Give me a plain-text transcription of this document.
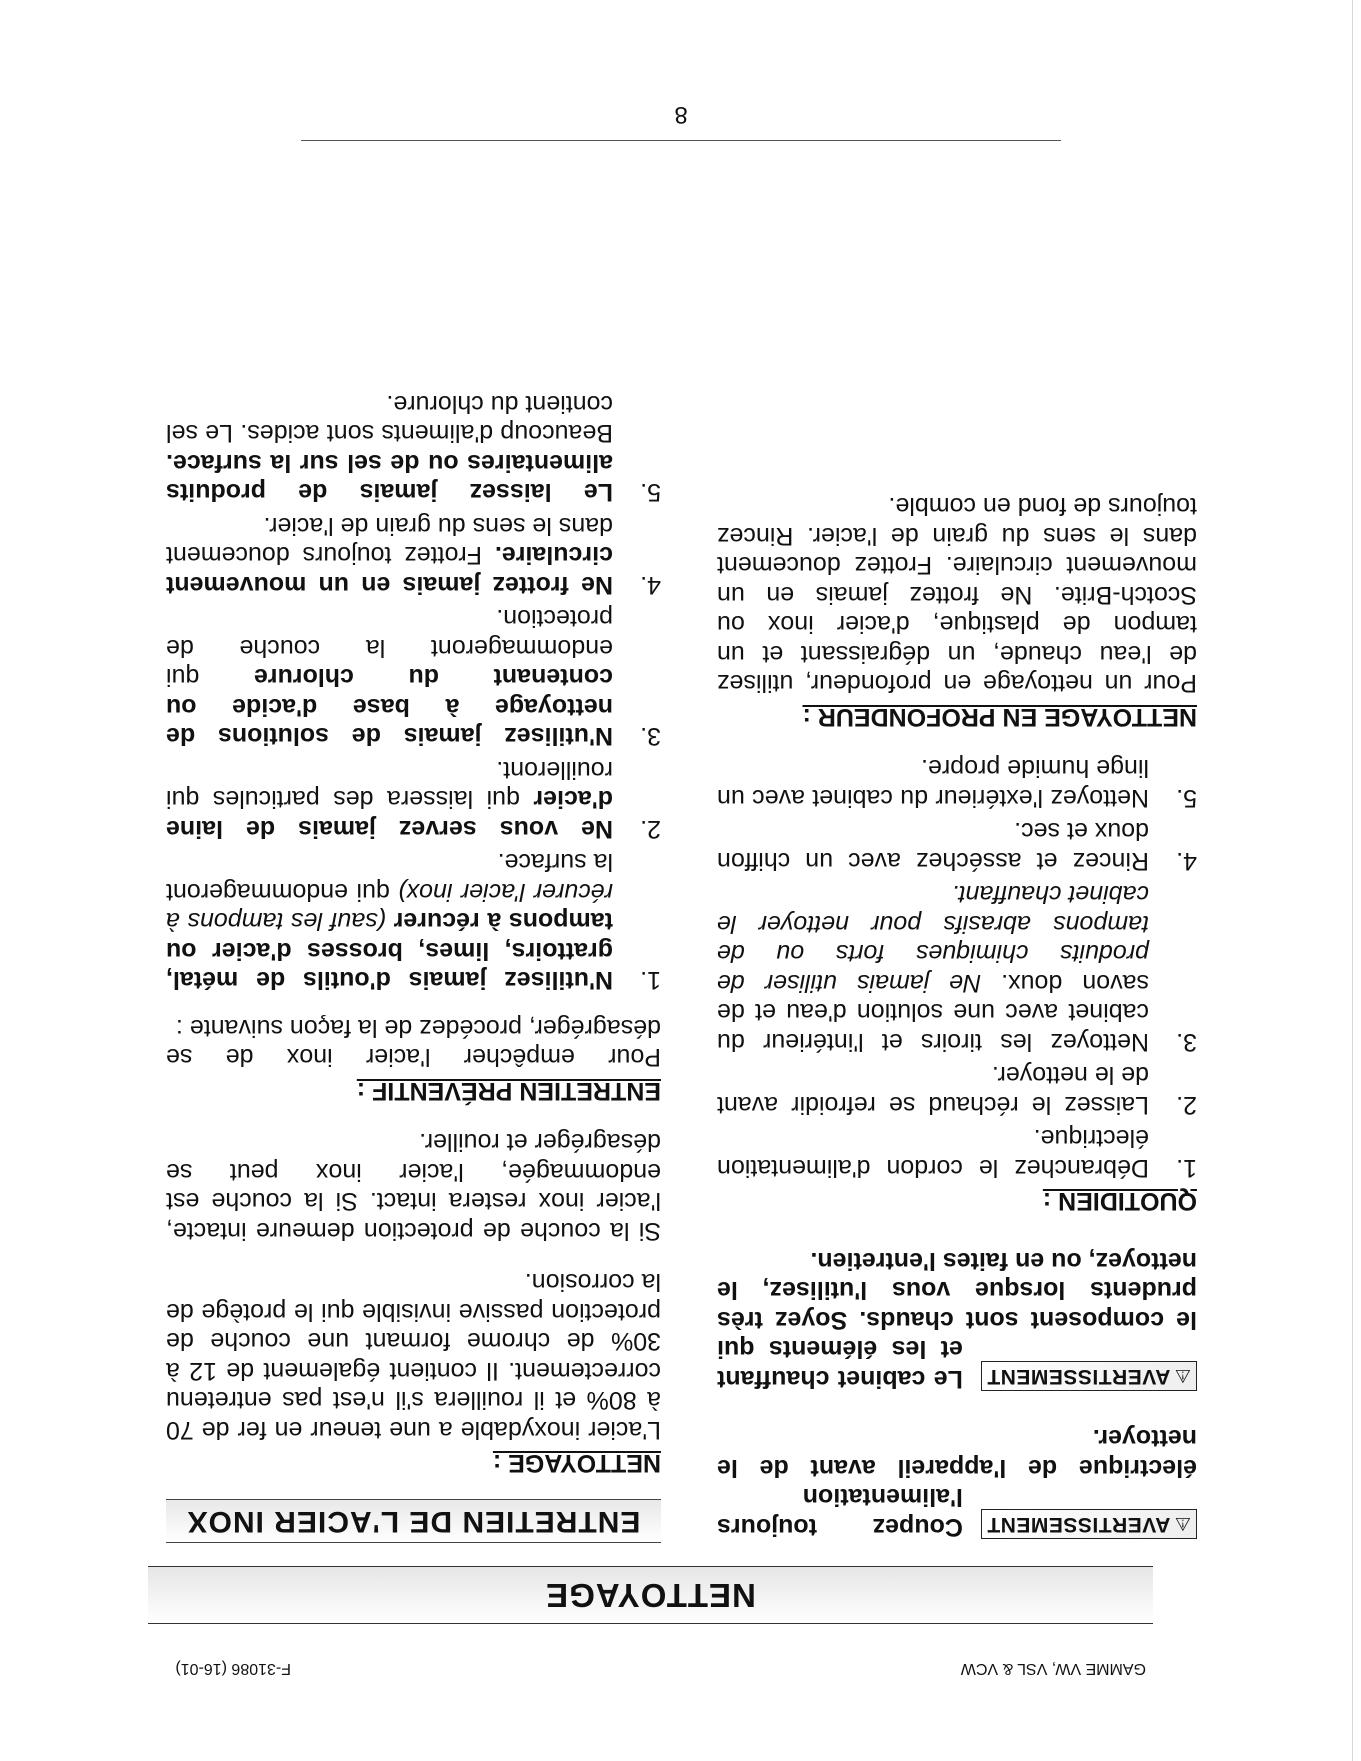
GAMME VW, VSL & VCW
F-31086 (16-01)
NETTOYAGE
⚠AVERTISSEMENT
Coupez toujours l'alimentation électrique de l'appareil avant de le nettoyer.
⚠AVERTISSEMENT
Le cabinet chauffant et les éléments qui le composent sont chauds. Soyez très prudents lorsque vous l'utilisez, le nettoyez, ou en faites l'entretien.
QUOTIDIEN :
1.
Débranchez le cordon d'alimentation électrique.
2.
Laissez le réchaud se refroidir avant de le nettoyer.
3.
Nettoyez les tiroirs et l'intérieur du cabinet avec une solution d'eau et de savon doux. Ne jamais utiliser de produits chimiques forts ou de tampons abrasifs pour nettoyer le cabinet chauffant.
4.
Rincez et asséchez avec un chiffon doux et sec.
5.
Nettoyez l'extérieur du cabinet avec un linge humide propre.
NETTOYAGE EN PROFONDEUR :

Pour un nettoyage en profondeur, utilisez de l'eau chaude, un dégraissant et un tampon de plastique, d'acier inox ou Scotch-Brite. Ne frottez jamais en un mouvement circulaire. Frottez doucement dans le sens du grain de l'acier. Rincez toujours de fond en comble.

ENTRETIEN DE L'ACIER INOX
NETTOYAGE :

L'acier inoxydable a une teneur en fer de 70 à 80% et il rouillera s'il n'est pas entretenu correctement. Il contient également de 12 à 30% de chrome formant une couche de protection passive invisible qui le protège de la corrosion.

Si la couche de protection demeure intacte, l'acier inox restera intact. Si la couche est endommagée, l'acier inox peut se désagréger et rouiller.

ENTRETIEN PRÉVENTIF :

Pour empêcher l'acier inox de se désagréger, procédez de la façon suivante :

1.
N'utilisez jamais d'outils de métal, grattoirs, limes, brosses d'acier ou tampons à récurer (sauf les tampons à récurer l'acier inox) qui endommageront la surface.
2.
Ne vous servez jamais de laine d'acier qui laissera des particules qui rouilleront.
3.
N'utilisez jamais de solutions de nettoyage à base d'acide ou contenant du chlorure qui endommageront la couche de protection.
4.
Ne frottez jamais en un mouvement circulaire. Frottez toujours doucement dans le sens du grain de l'acier.
5.
Le laissez jamais de produits alimentaires ou de sel sur la surface. Beaucoup d'aliments sont acides. Le sel contient du chlorure.
8
